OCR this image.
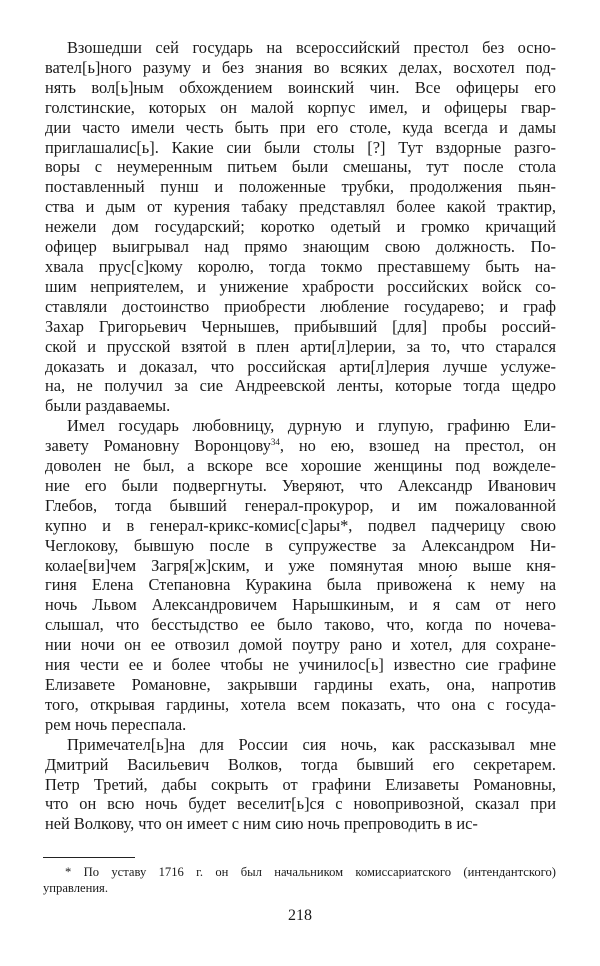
Взошедши сей государь на всероссийский престол без осно-
вател[ь]ного разуму и без знания во всяких делах, восхотел под-
нять вол[ь]ным обхождением воинский чин. Все офицеры его
голстинские, которых он малой корпус имел, и офицеры гвар-
дии часто имели честь быть при его столе, куда всегда и дамы
приглашалис[ь]. Какие сии были столы [?] Тут вздорные разго-
воры с неумеренным питьем были смешаны, тут после стола
поставленный пунш и положенные трубки, продолжения пьян-
ства и дым от курения табаку представлял более какой трактир,
нежели дом государский; коротко одетый и громко кричащий
офицер выигрывал над прямо знающим свою должность. По-
хвала прус[с]кому королю, тогда токмо преставшему быть на-
шим неприятелем, и унижение храбрости российских войск со-
ставляли достоинство приобрести любление государево; и граф
Захар Григорьевич Чернышев, прибывший [для] пробы россий-
ской и прусской взятой в плен арти[л]лерии, за то, что старался
доказать и доказал, что российская арти[л]лерия лучше услуже-
на, не получил за сие Андреевской ленты, которые тогда щедро
были раздаваемы.
Имел государь любовницу, дурную и глупую, графиню Ели-
завету Романовну Воронцову$^{34}$, но ею, взошед на престол, он
доволен не был, а вскоре все хорошие женщины под вожделе-
ние его были подвергнуты. Уверяют, что Александр Иванович
Глебов, тогда бывший генерал-прокурор, и им пожалованной
купно и в генерал-крикс-комис[с]ары*, подвел падчерицу свою
Чеглокову, бывшую после в супружестве за Александром Ни-
колае[ви]чем Загря[ж]ским, и уже помянутая мною выше кня-
гиня Елена Степановна Куракина была привожена́ к нему на
ночь Львом Александровичем Нарышкиным, и я сам от него
слышал, что бесстыдство ее было таково, что, когда по ночева-
нии ночи он ее отвозил домой поутру рано и хотел, для сохране-
ния чести ее и более чтобы не учинилос[ь] известно сие графине
Елизавете Романовне, закрывши гардины ехать, она, напротив
того, открывая гардины, хотела всем показать, что она с госуда-
рем ночь переспала.
Примечател[ь]на для России сия ночь, как рассказывал мне
Дмитрий Васильевич Волков, тогда бывший его секретарем.
Петр Третий, дабы сокрыть от графини Елизаветы Романовны,
что он всю ночь будет веселит[ь]ся с новопривозной, сказал при
ней Волкову, что он имеет с ним сию ночь препроводить в ис-
* По уставу 1716 г. он был начальником комиссариатского (интендантского)
управления.
218
